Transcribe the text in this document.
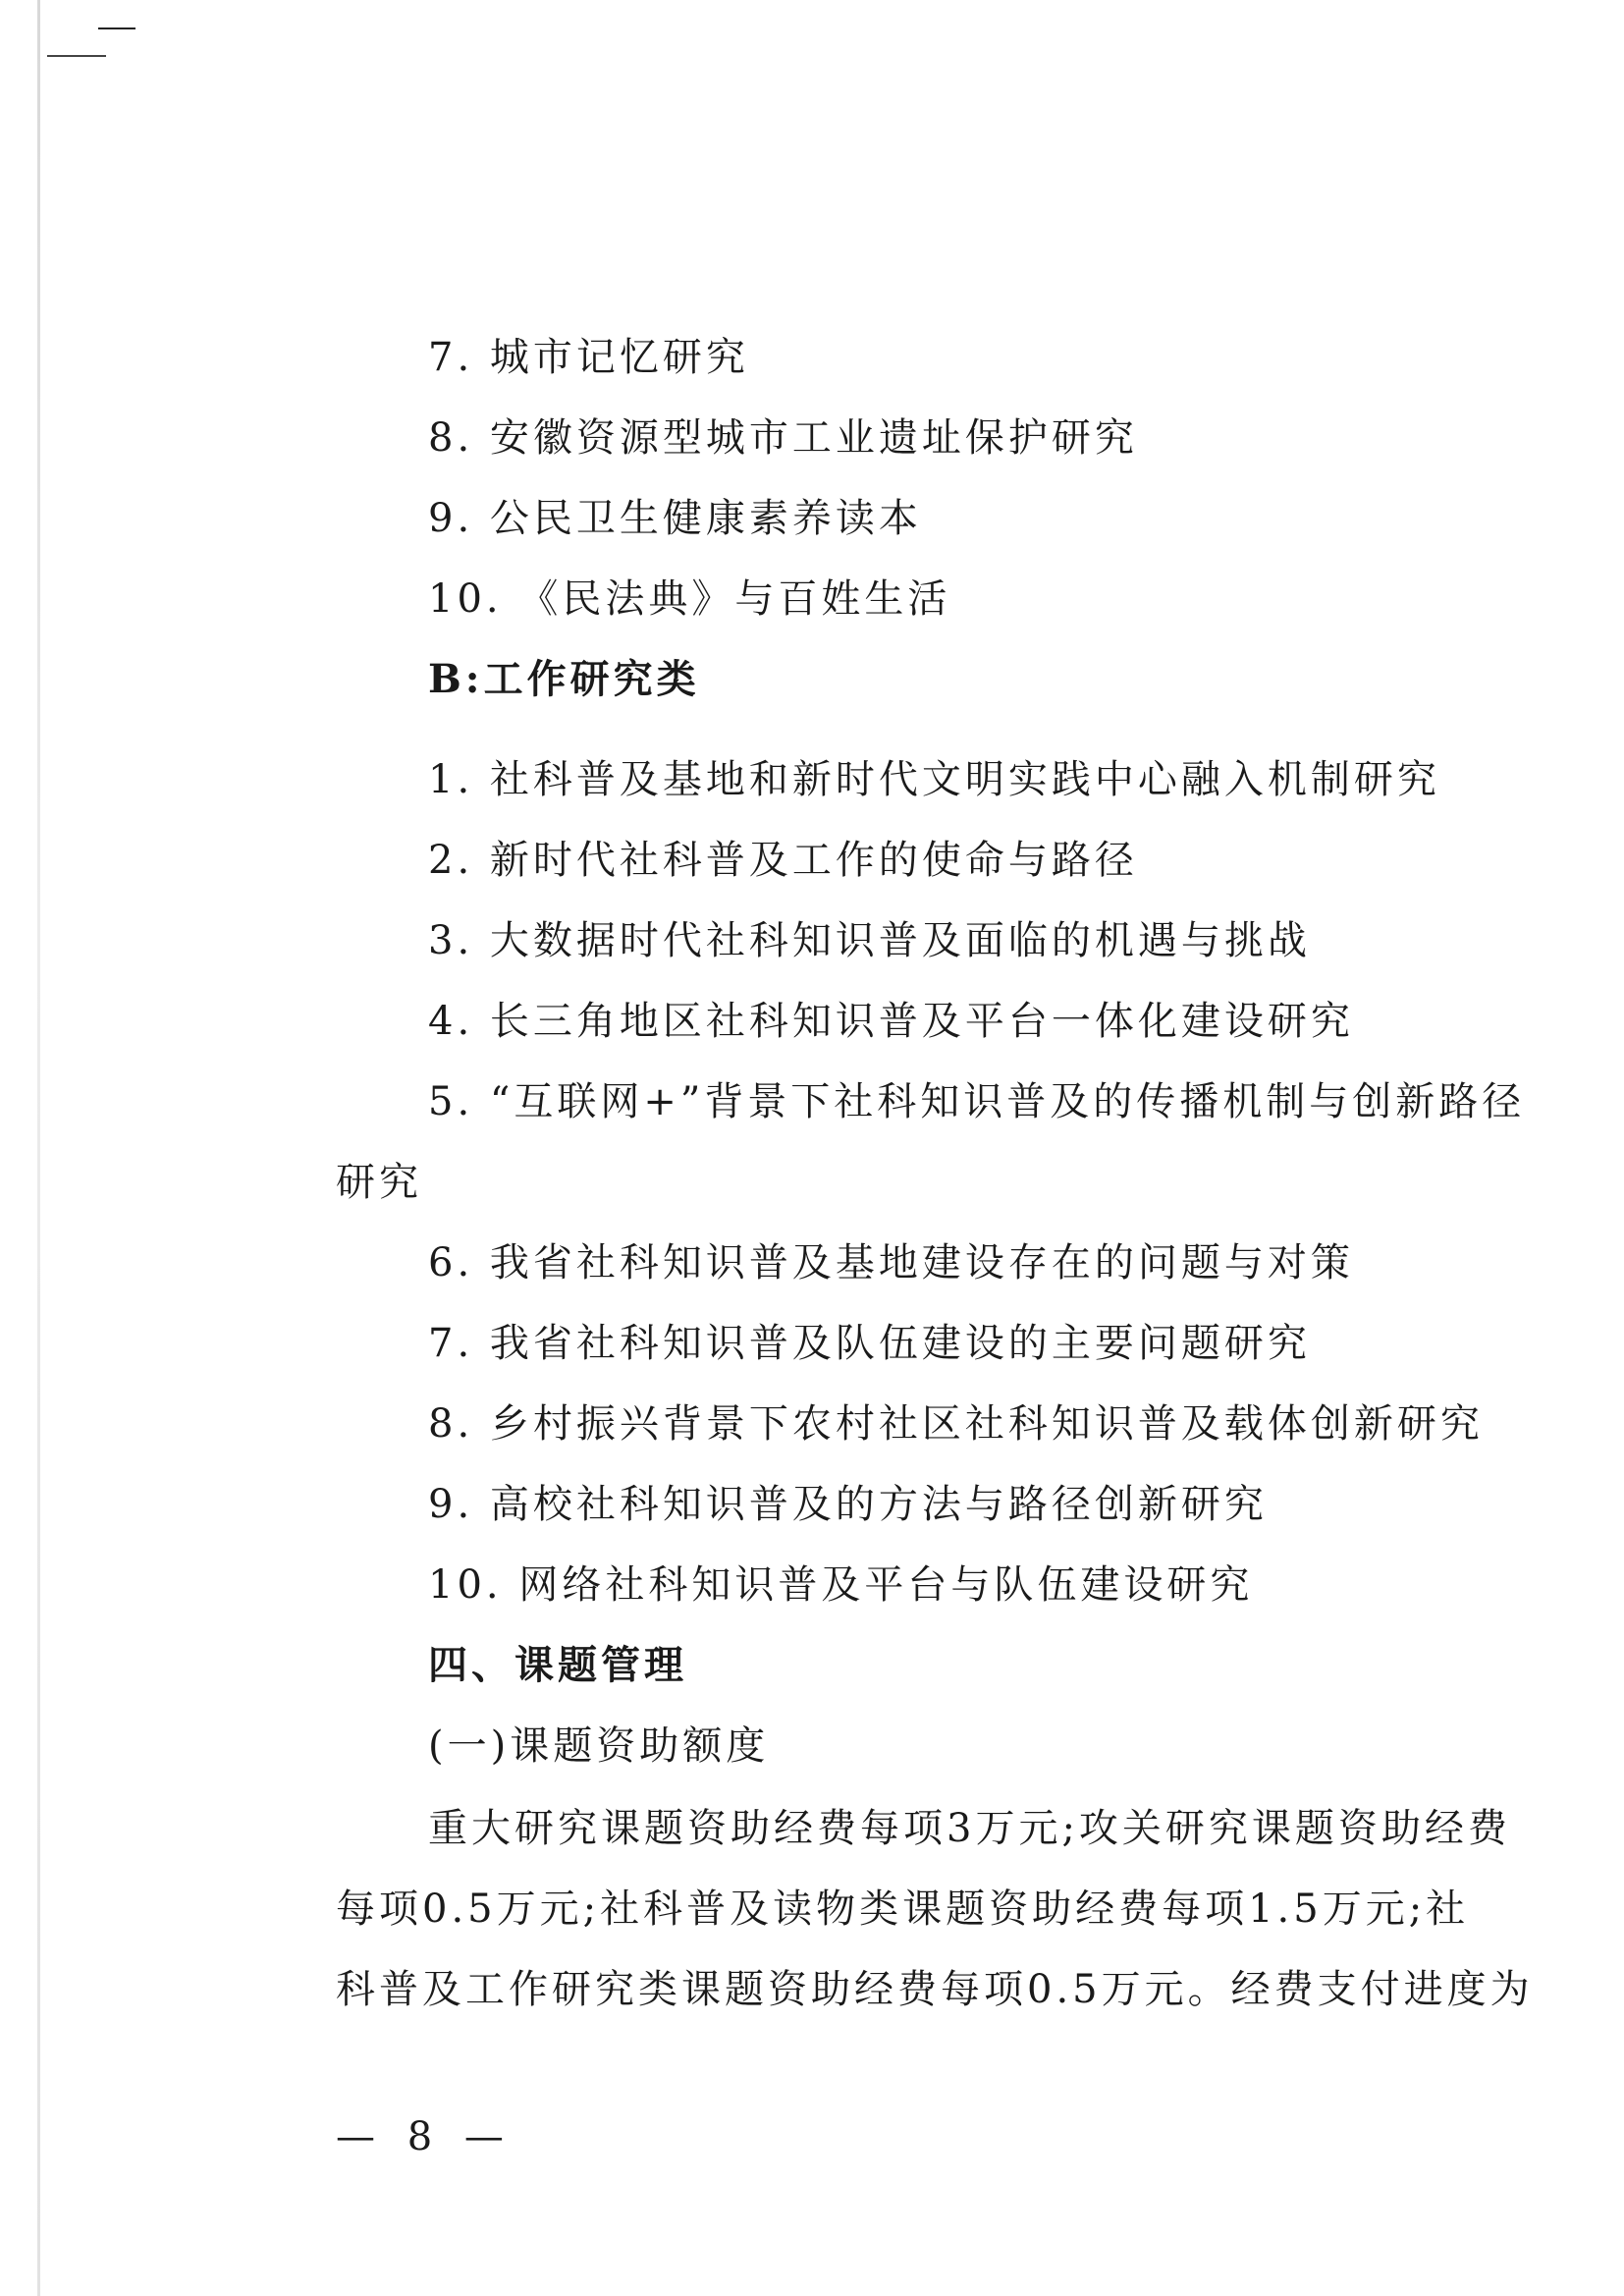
7. 城市记忆研究
8. 安徽资源型城市工业遗址保护研究
9. 公民卫生健康素养读本
10. 《民法典》与百姓生活
B:工作研究类
1. 社科普及基地和新时代文明实践中心融入机制研究
2. 新时代社科普及工作的使命与路径
3. 大数据时代社科知识普及面临的机遇与挑战
4. 长三角地区社科知识普及平台一体化建设研究
5. “互联网+”背景下社科知识普及的传播机制与创新路径
研究
6. 我省社科知识普及基地建设存在的问题与对策
7. 我省社科知识普及队伍建设的主要问题研究
8. 乡村振兴背景下农村社区社科知识普及载体创新研究
9. 高校社科知识普及的方法与路径创新研究
10. 网络社科知识普及平台与队伍建设研究
四、课题管理
(一)课题资助额度
重大研究课题资助经费每项3万元;攻关研究课题资助经费
每项0.5万元;社科普及读物类课题资助经费每项1.5万元;社
科普及工作研究类课题资助经费每项0.5万元。经费支付进度为
— 8 —
